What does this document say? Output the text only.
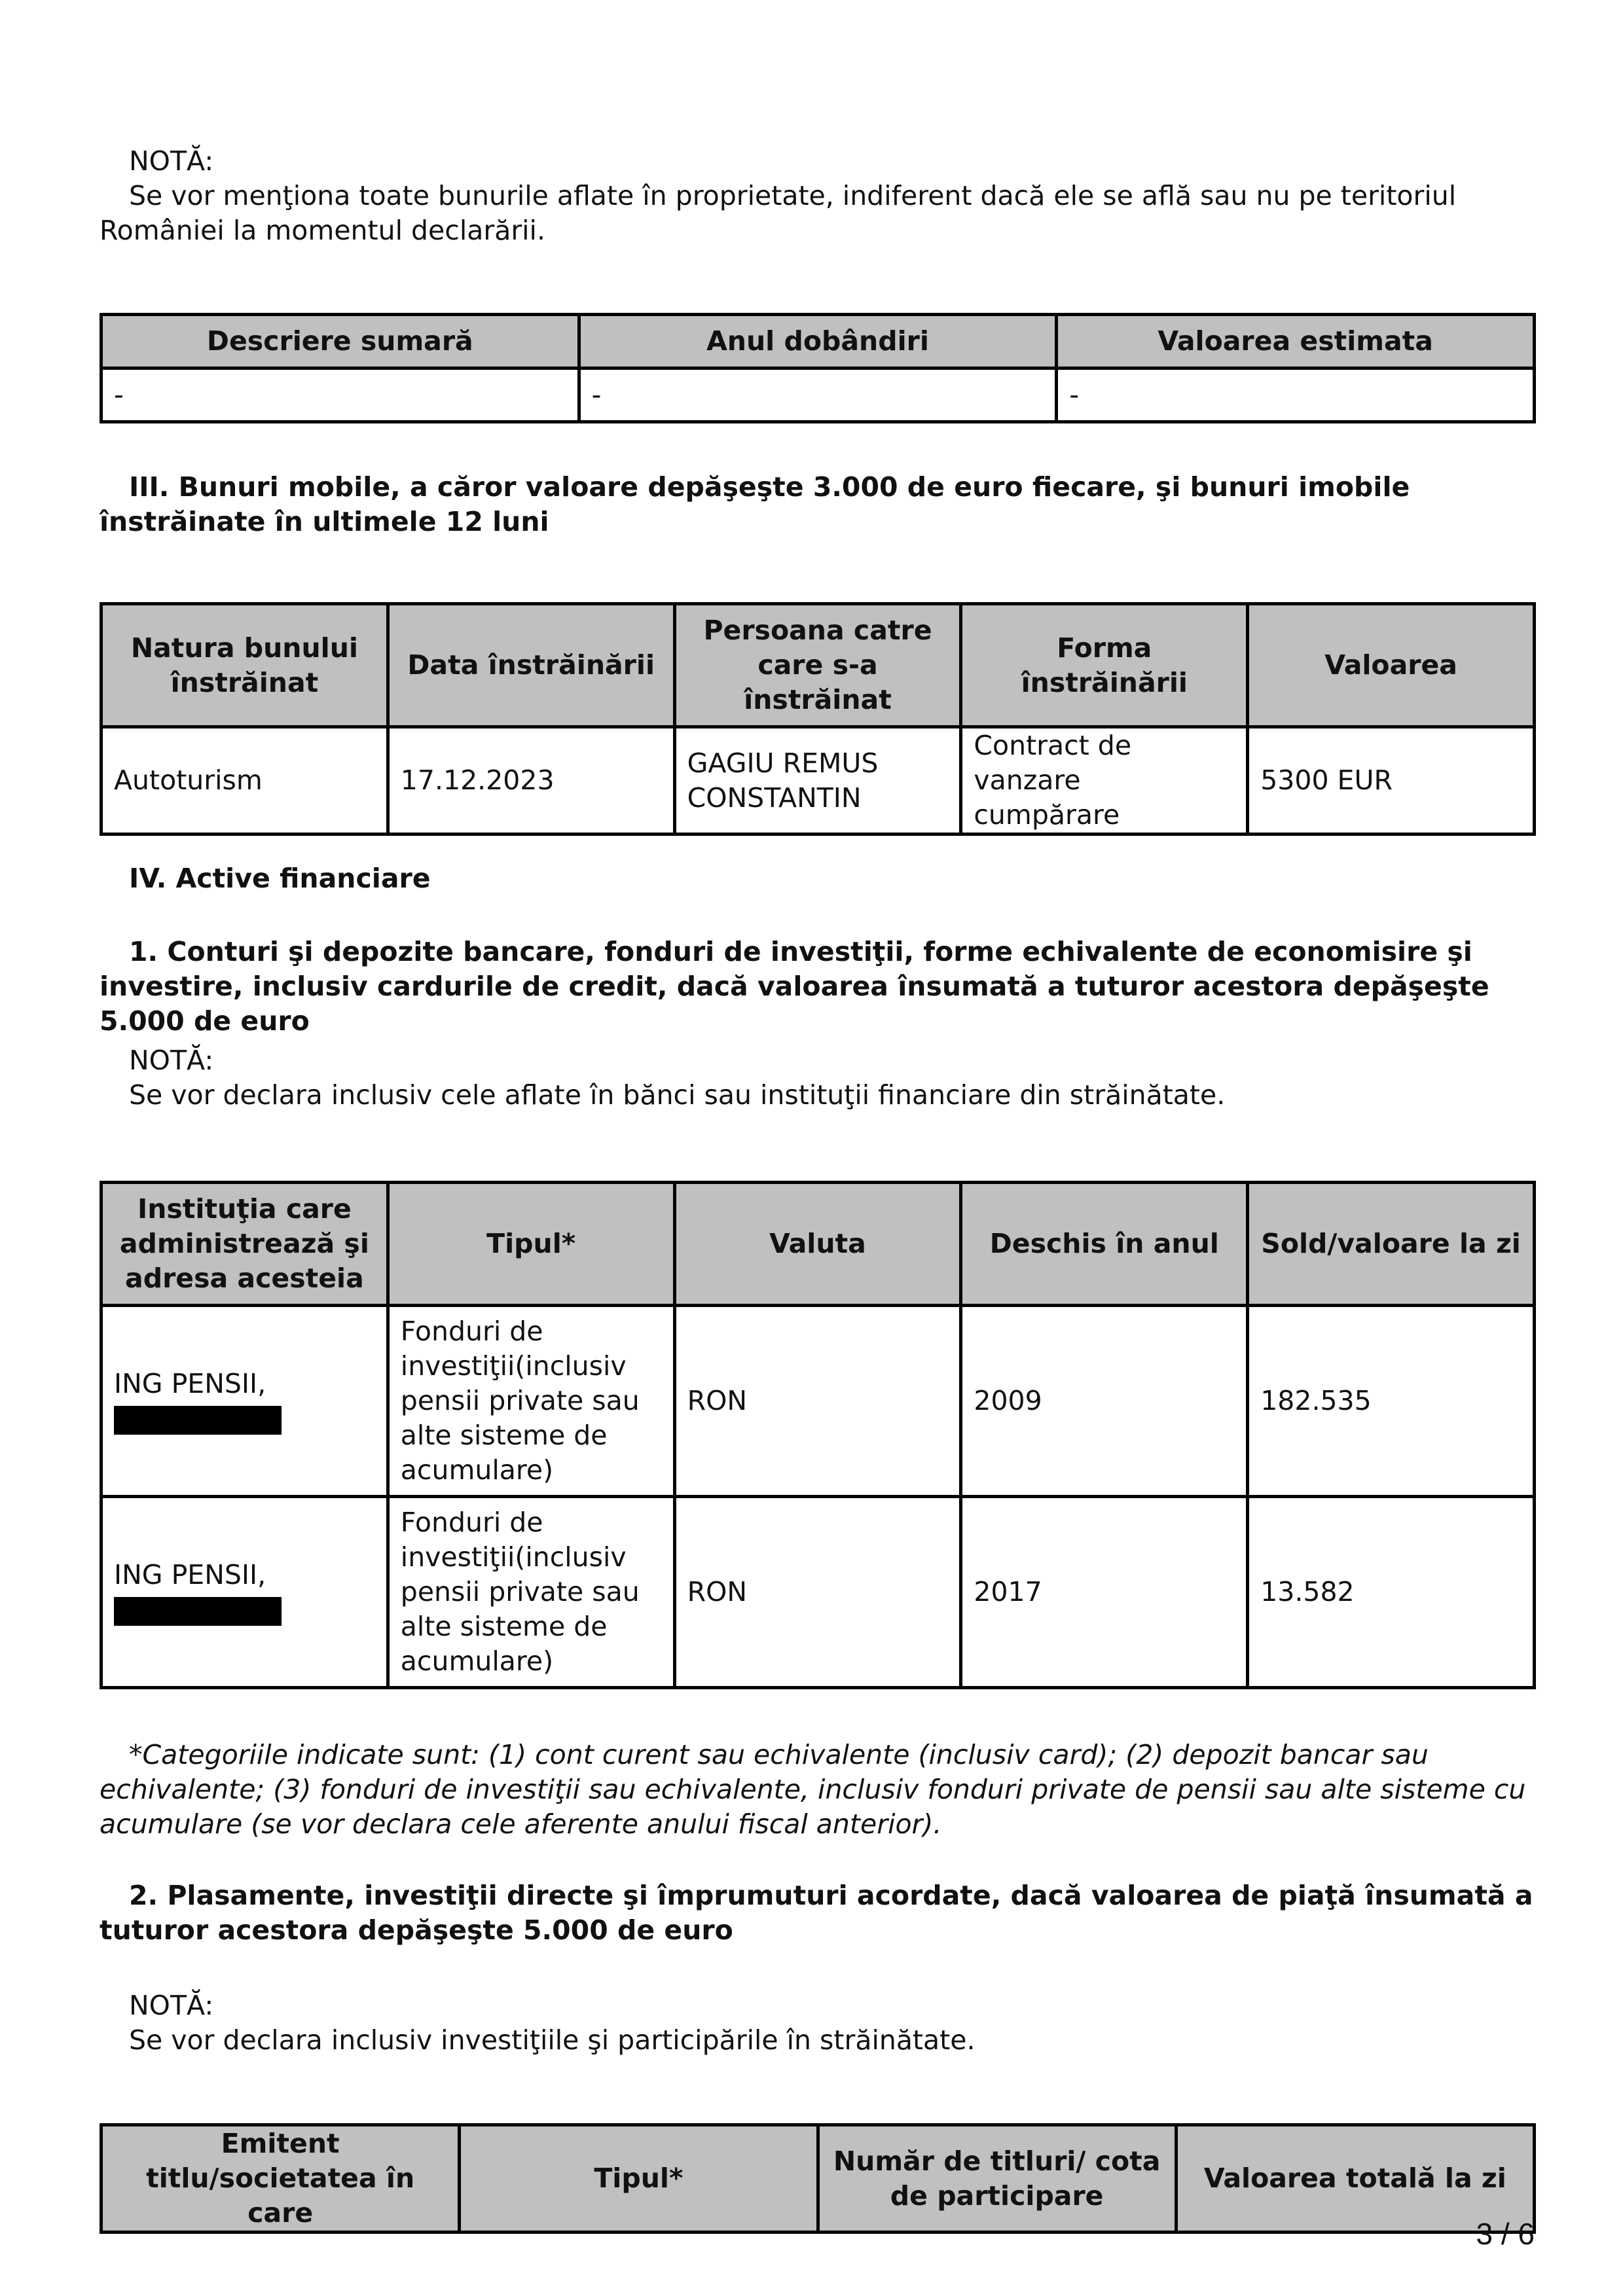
NOTĂ:

Se vor menţiona toate bunurile aflate în proprietate, indiferent dacă ele se află sau nu pe teritoriul României la momentul declarării.

Descriere sumară	Anul dobândiri	Valoarea estimata
-	-	-

III. Bunuri mobile, a căror valoare depăşeşte 3.000 de euro fiecare, şi bunuri imobile înstrăinate în ultimele 12 luni

Natura bunului înstrăinat	Data înstrăinării	Persoana catre care s-a înstrăinat	Forma înstrăinării	Valoarea
Autoturism	17.12.2023	GAGIU REMUS CONSTANTIN	Contract de vanzare cumpărare	5300 EUR

IV. Active financiare

1. Conturi şi depozite bancare, fonduri de investiţii, forme echivalente de economisire şi investire, inclusiv cardurile de credit, dacă valoarea însumată a tuturor acestora depăşeşte 5.000 de euro

NOTĂ:

Se vor declara inclusiv cele aflate în bănci sau instituţii financiare din străinătate.

Instituţia care administrează şi adresa acesteia	Tipul*	Valuta	Deschis în anul	Sold/valoare la zi
ING PENSII,	Fonduri de investiţii(inclusiv pensii private sau alte sisteme de acumulare)	RON	2009	182.535
ING PENSII,	Fonduri de investiţii(inclusiv pensii private sau alte sisteme de acumulare)	RON	2017	13.582

*Categoriile indicate sunt: (1) cont curent sau echivalente (inclusiv card); (2) depozit bancar sau echivalente; (3) fonduri de investiţii sau echivalente, inclusiv fonduri private de pensii sau alte sisteme cu acumulare (se vor declara cele aferente anului fiscal anterior).

2. Plasamente, investiţii directe şi împrumuturi acordate, dacă valoarea de piaţă însumată a tuturor acestora depăşeşte 5.000 de euro

NOTĂ:

Se vor declara inclusiv investiţiile şi participările în străinătate.

Emitent titlu/societatea în care	Tipul*	Număr de titluri/ cota de participare	Valoarea totală la zi
3 / 6
